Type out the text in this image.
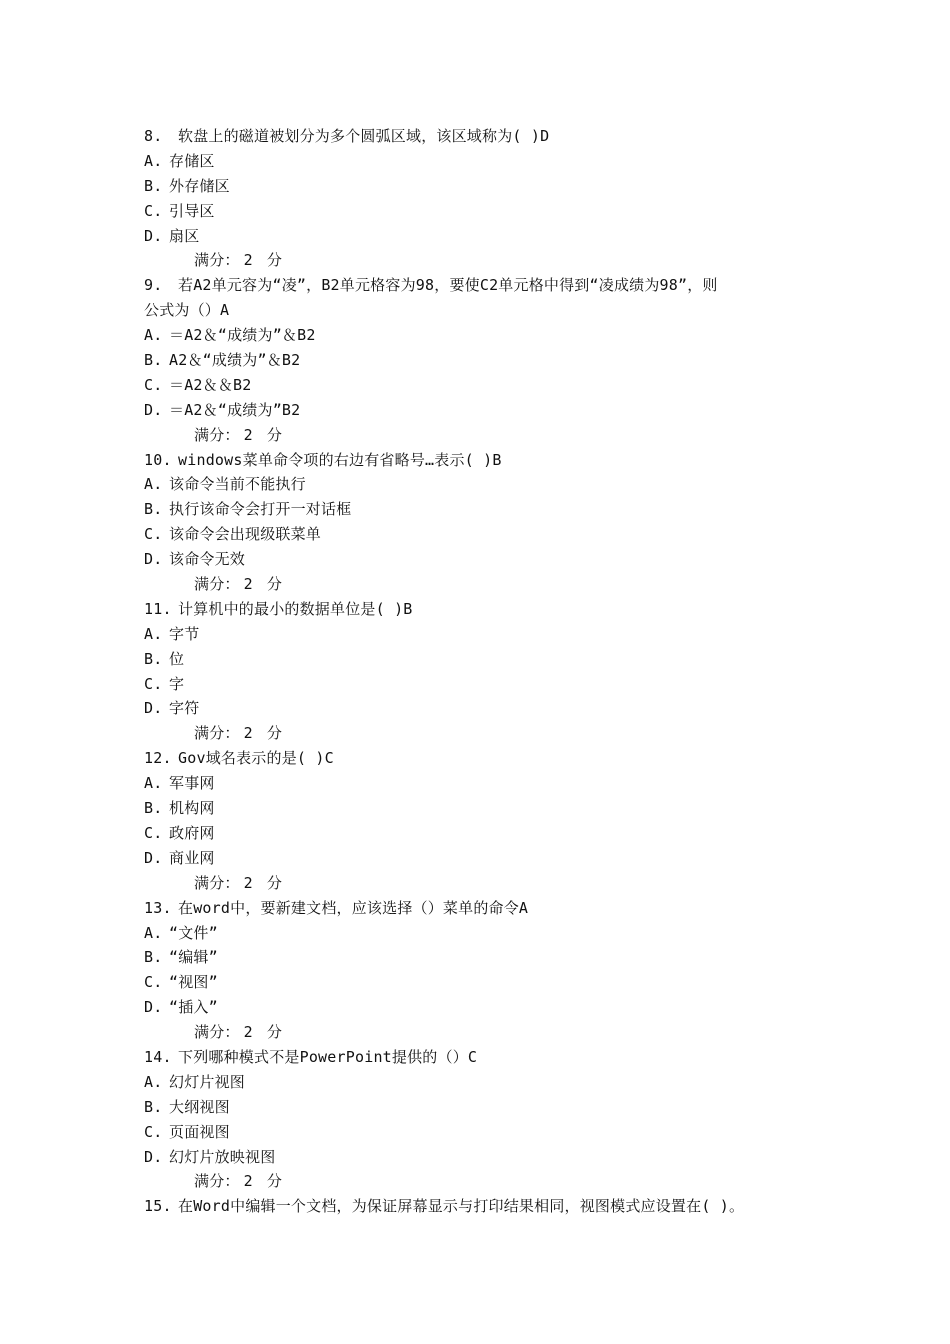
8. 软盘上的磁道被划分为多个圆弧区域，该区域称为( )D
A. 存储区
B. 外存储区
C. 引导区
D. 扇区
满分： 2 分
9. 若A2单元容为“凌”，B2单元格容为98，要使C2单元格中得到“凌成绩为98”，则
公式为（）A
A. ＝A2＆“成绩为”＆B2
B. A2＆“成绩为”＆B2
C. ＝A2＆＆B2
D. ＝A2＆“成绩为”B2
满分： 2 分
10. windows菜单命令项的右边有省略号…表示( )B
A. 该命令当前不能执行
B. 执行该命令会打开一对话框
C. 该命令会出现级联菜单
D. 该命令无效
满分： 2 分
11. 计算机中的最小的数据单位是( )B
A. 字节
B. 位
C. 字
D. 字符
满分： 2 分
12. Gov域名表示的是( )C
A. 军事网
B. 机构网
C. 政府网
D. 商业网
满分： 2 分
13. 在word中，要新建文档，应该选择（）菜单的命令A
A. “文件”
B. “编辑”
C. “视图”
D. “插入”
满分： 2 分
14. 下列哪种模式不是PowerPoint提供的（）C
A. 幻灯片视图
B. 大纲视图
C. 页面视图
D. 幻灯片放映视图
满分： 2 分
15. 在Word中编辑一个文档，为保证屏幕显示与打印结果相同，视图模式应设置在( )。
